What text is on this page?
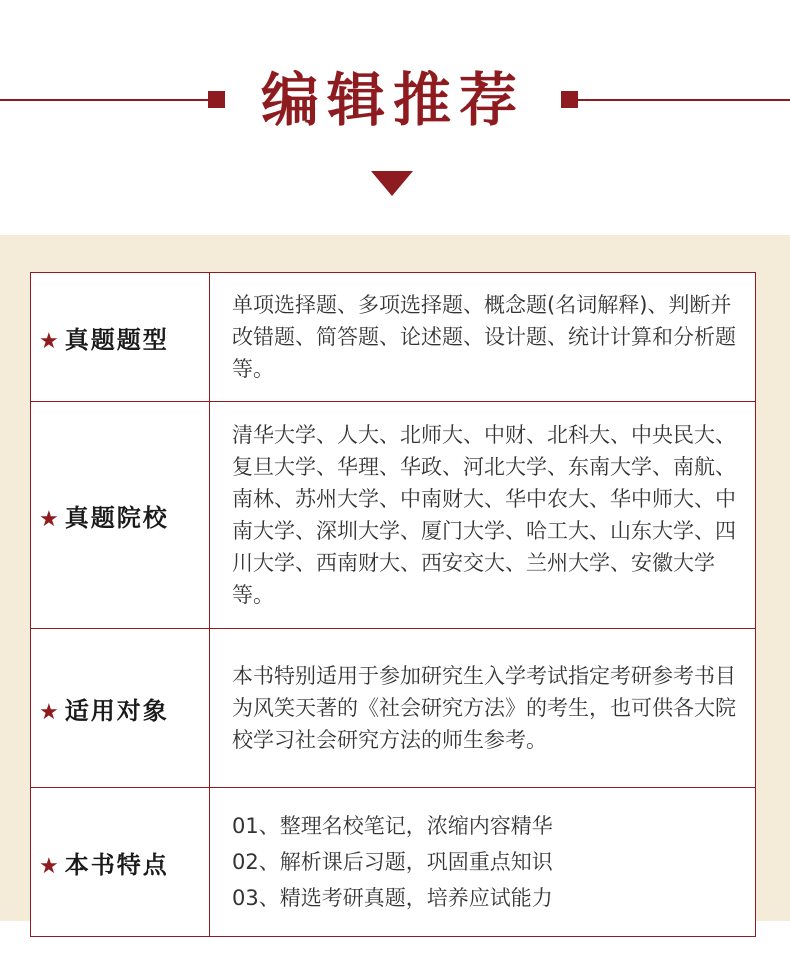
编辑推荐
★ 真题题型	单项选择题、多项选择题、概念题(名词解释)、判断并改错题、简答题、论述题、设计题、统计计算和分析题等。

★ 真题院校	清华大学、人大、北师大、中财、北科大、中央民大、复旦大学、华理、华政、河北大学、东南大学、南航、南林、苏州大学、中南财大、华中农大、华中师大、中南大学、深圳大学、厦门大学、哈工大、山东大学、四川大学、西南财大、西安交大、兰州大学、安徽大学等。

★ 适用对象	本书特别适用于参加研究生入学考试指定考研参考书目为风笑天著的《社会研究方法》的考生，也可供各大院校学习社会研究方法的师生参考。

★ 本书特点	01、整理名校笔记，浓缩内容精华

02、解析课后习题，巩固重点知识

03、精选考研真题，培养应试能力
